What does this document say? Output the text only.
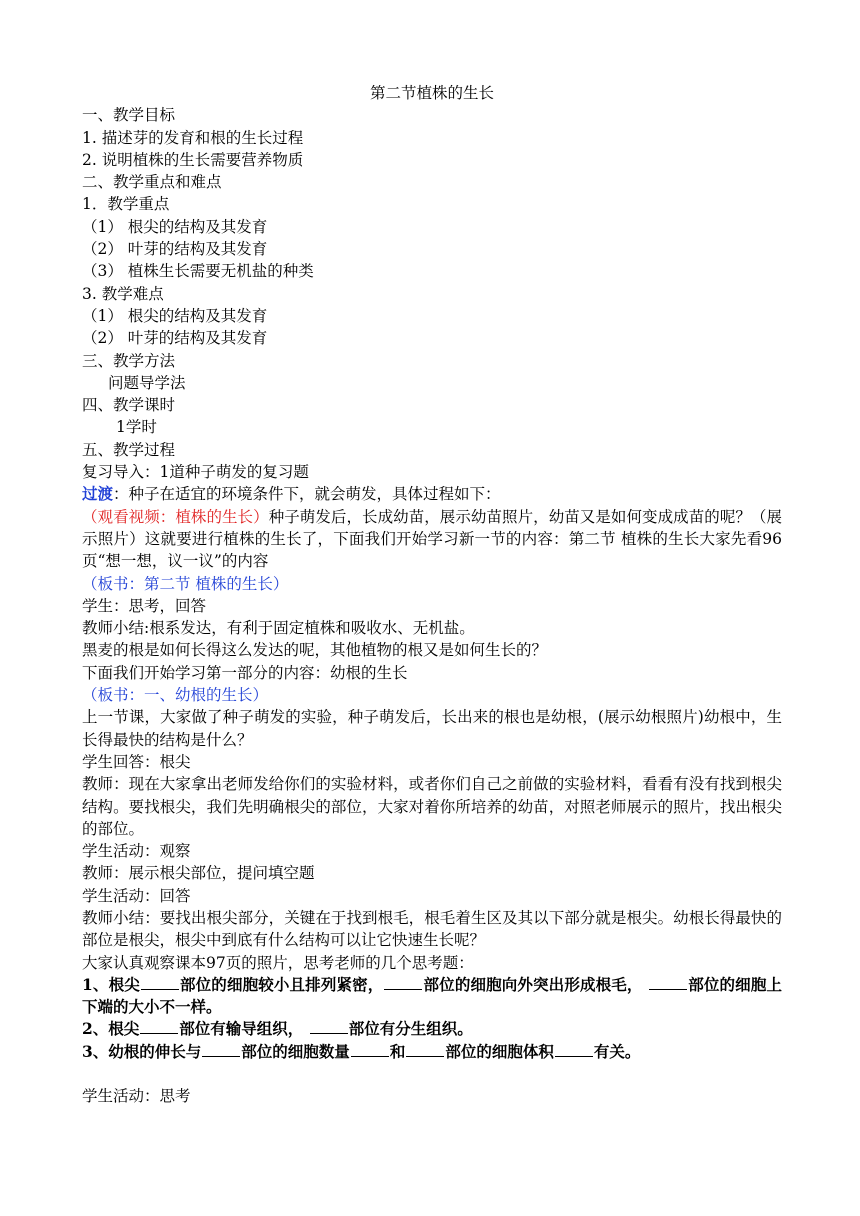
第二节植株的生长
一、教学目标
1. 描述芽的发育和根的生长过程
2. 说明植株的生长需要营养物质
二、教学重点和难点
1．教学重点
（1） 根尖的结构及其发育
（2） 叶芽的结构及其发育
（3） 植株生长需要无机盐的种类
3. 教学难点
（1） 根尖的结构及其发育
（2） 叶芽的结构及其发育
三、教学方法
问题导学法
四、教学课时
1学时
五、教学过程
复习导入：1道种子萌发的复习题
过渡：种子在适宜的环境条件下，就会萌发，具体过程如下：
（观看视频：植株的生长）种子萌发后，长成幼苗，展示幼苗照片，幼苗又是如何变成成苗的呢？（展示照片）这就要进行植株的生长了，下面我们开始学习新一节的内容：第二节 植株的生长大家先看96页“想一想，议一议”的内容
（板书：第二节 植株的生长）
学生：思考，回答
教师小结:根系发达，有利于固定植株和吸收水、无机盐。
黑麦的根是如何长得这么发达的呢，其他植物的根又是如何生长的？
下面我们开始学习第一部分的内容：幼根的生长
（板书：一、幼根的生长）
上一节课，大家做了种子萌发的实验，种子萌发后，长出来的根也是幼根，(展示幼根照片)幼根中，生长得最快的结构是什么？
学生回答：根尖
教师：现在大家拿出老师发给你们的实验材料，或者你们自己之前做的实验材料，看看有没有找到根尖结构。要找根尖，我们先明确根尖的部位，大家对着你所培养的幼苗，对照老师展示的照片，找出根尖的部位。
学生活动：观察
教师：展示根尖部位，提问填空题
学生活动：回答
教师小结：要找出根尖部分，关键在于找到根毛，根毛着生区及其以下部分就是根尖。幼根长得最快的部位是根尖，根尖中到底有什么结构可以让它快速生长呢？
大家认真观察课本97页的照片，思考老师的几个思考题：
1、根尖	部位的细胞较小且排列紧密，	部位的细胞向外突出形成根毛，	部位的细胞上下端的大小不一样。
2、根尖	部位有输导组织，	部位有分生组织。
3、幼根的伸长与	部位的细胞数量	和	部位的细胞体积	有关。
学生活动：思考
